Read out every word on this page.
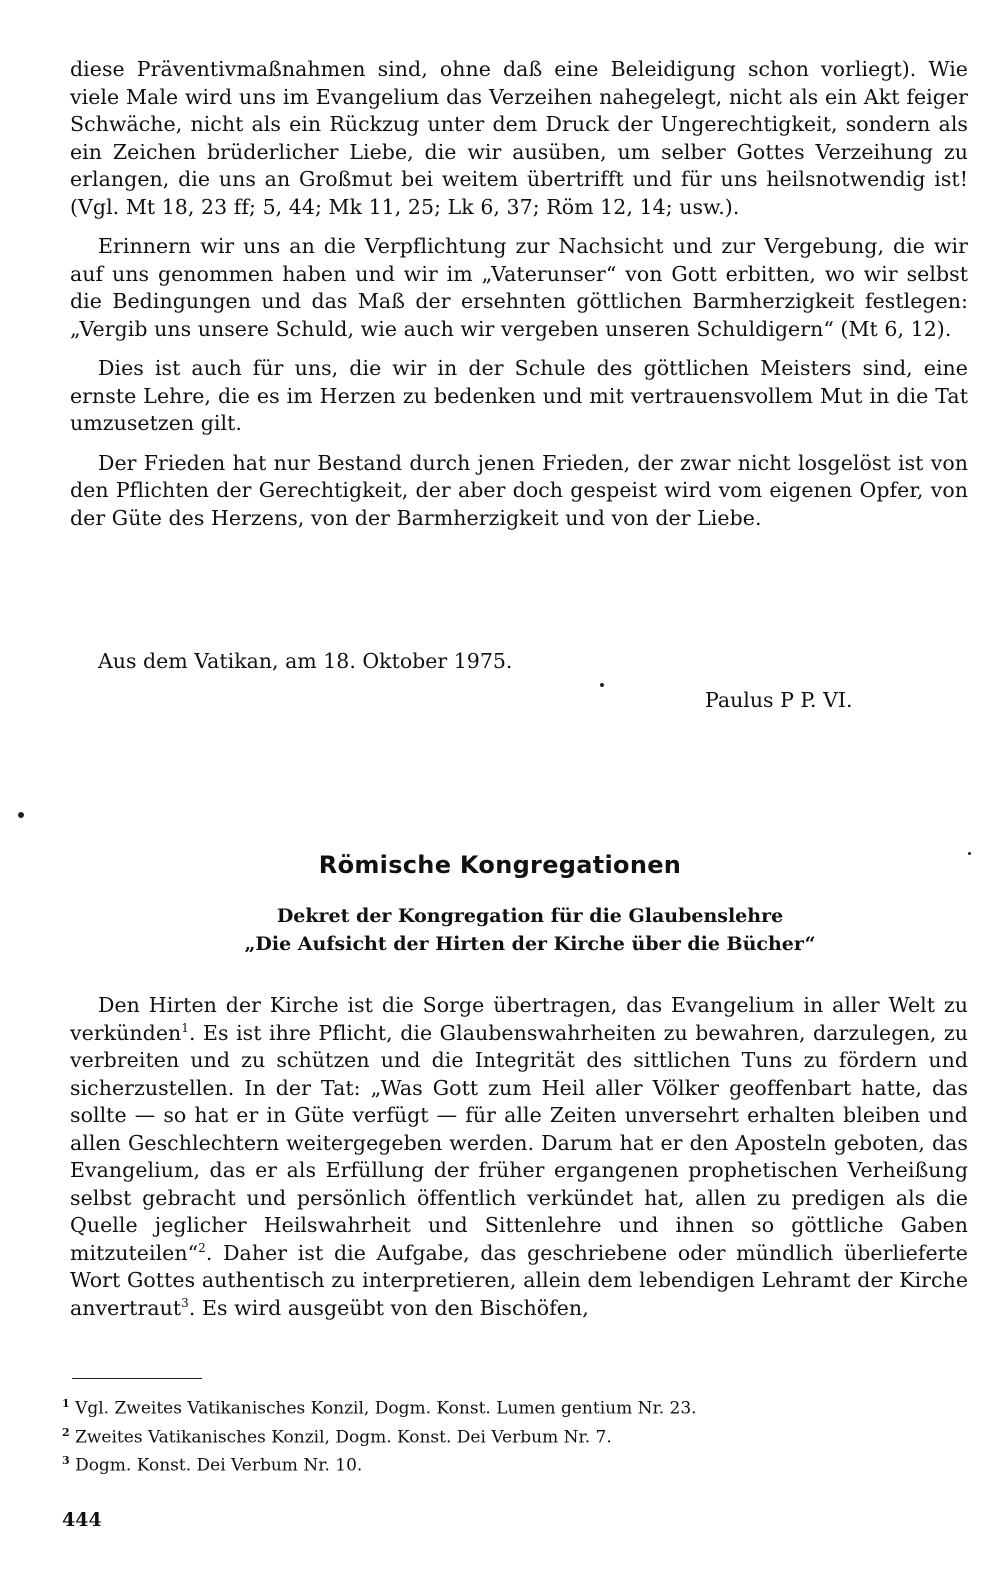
diese Präventivmaßnahmen sind, ohne daß eine Beleidigung schon vorliegt). Wie viele Male wird uns im Evangelium das Verzeihen nahegelegt, nicht als ein Akt feiger Schwäche, nicht als ein Rückzug unter dem Druck der Ungerechtigkeit, sondern als ein Zeichen brüderlicher Liebe, die wir ausüben, um selber Gottes Verzeihung zu erlangen, die uns an Großmut bei weitem übertrifft und für uns heilsnotwendig ist! (Vgl. Mt 18, 23 ff; 5, 44; Mk 11, 25; Lk 6, 37; Röm 12, 14; usw.).

Erinnern wir uns an die Verpflichtung zur Nachsicht und zur Vergebung, die wir auf uns genommen haben und wir im „Vaterunser“ von Gott erbitten, wo wir selbst die Bedingungen und das Maß der ersehnten göttlichen Barmherzigkeit festlegen: „Vergib uns unsere Schuld, wie auch wir vergeben unseren Schuldigern“ (Mt 6, 12).

Dies ist auch für uns, die wir in der Schule des göttlichen Meisters sind, eine ernste Lehre, die es im Herzen zu bedenken und mit vertrauensvollem Mut in die Tat umzusetzen gilt.

Der Frieden hat nur Bestand durch jenen Frieden, der zwar nicht losgelöst ist von den Pflichten der Gerechtigkeit, der aber doch gespeist wird vom eigenen Opfer, von der Güte des Herzens, von der Barmherzigkeit und von der Liebe.

Aus dem Vatikan, am 18. Oktober 1975.
Paulus P P. VI.
Römische Kongregationen
Dekret der Kongregation für die Glaubenslehre
„Die Aufsicht der Hirten der Kirche über die Bücher“

Den Hirten der Kirche ist die Sorge übertragen, das Evangelium in aller Welt zu verkünden$^1$. Es ist ihre Pflicht, die Glaubenswahrheiten zu bewahren, darzulegen, zu verbreiten und zu schützen und die Integrität des sittlichen Tuns zu fördern und sicherzustellen. In der Tat: „Was Gott zum Heil aller Völker geoffenbart hatte, das sollte — so hat er in Güte verfügt — für alle Zeiten unversehrt erhalten bleiben und allen Geschlechtern weitergegeben werden. Darum hat er den Aposteln geboten, das Evangelium, das er als Erfüllung der früher ergangenen prophetischen Verheißung selbst gebracht und persönlich öffentlich verkündet hat, allen zu predigen als die Quelle jeglicher Heilswahrheit und Sittenlehre und ihnen so göttliche Gaben mitzuteilen“$^2$. Daher ist die Aufgabe, das geschriebene oder mündlich überlieferte Wort Gottes authentisch zu interpretieren, allein dem lebendigen Lehramt der Kirche anvertraut$^3$. Es wird ausgeübt von den Bischöfen,

$^1$ Vgl. Zweites Vatikanisches Konzil, Dogm. Konst. Lumen gentium Nr. 23.

$^2$ Zweites Vatikanisches Konzil, Dogm. Konst. Dei Verbum Nr. 7.

$^3$ Dogm. Konst. Dei Verbum Nr. 10.

444
